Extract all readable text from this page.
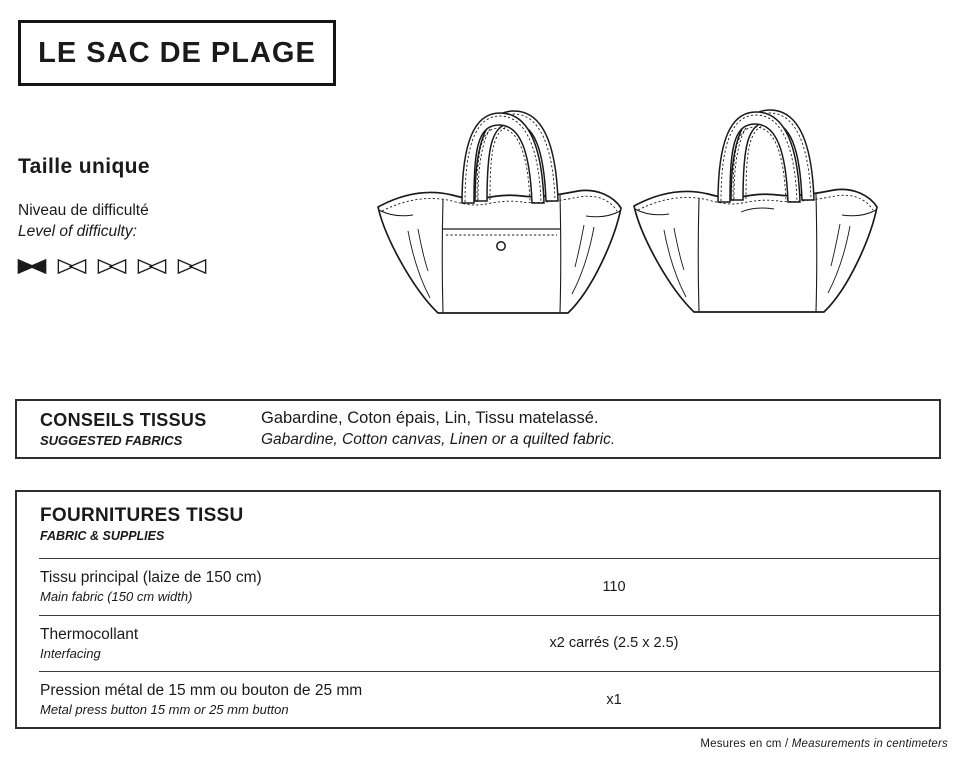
LE SAC DE PLAGE
Taille unique
Niveau de difficulté
Level of difficulty:
CONSEILS TISSUS
SUGGESTED FABRICS
Gabardine, Coton épais, Lin, Tissu matelassé.
Gabardine, Cotton canvas, Linen or a quilted fabric.
FOURNITURES TISSU
FABRIC & SUPPLIES
Tissu principal (laize de 150 cm)
Main fabric (150 cm width)
110
Thermocollant
Interfacing
x2 carrés (2.5 x 2.5)
Pression métal de 15 mm ou bouton de 25 mm
Metal press button 15 mm or 25 mm button
x1
Mesures en cm / Measurements in centimeters
